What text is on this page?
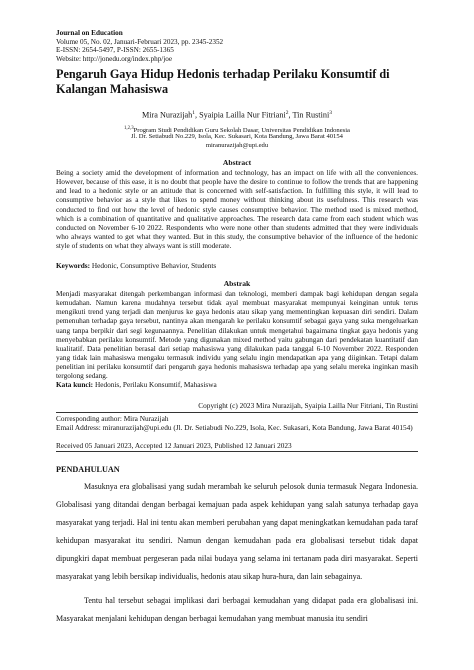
Journal on Education
Volume 05, No. 02, Januari-Februari 2023, pp. 2345-2352
E-ISSN: 2654-5497, P-ISSN: 2655-1365
Website: http://jonedu.org/index.php/joe
Pengaruh Gaya Hidup Hedonis terhadap Perilaku Konsumtif di Kalangan Mahasiswa
Mira Nurazijah$^1$, Syaipia Lailla Nur Fitriani$^2$, Tin Rustini$^3$
$^{1,2,3}$Program Studi Pendidikan Guru Sekolah Dasar, Universitas Pendidikan Indonesia
Jl. Dr. Setiabudi No.229, Isola, Kec. Sukasari, Kota Bandung, Jawa Barat 40154
miranurazijah@upi.edu
Abstract
Being a society amid the development of information and technology, has an impact on life with all the conveniences. However, because of this ease, it is no doubt that people have the desire to continue to follow the trends that are happening and lead to a hedonic style or an attitude that is concerned with self-satisfaction. In fulfilling this style, it will lead to consumptive behavior as a style that likes to spend money without thinking about its usefulness. This research was conducted to find out how the level of hedonic style causes consumptive behavior. The method used is mixed method, which is a combination of quantitative and qualitative approaches. The research data came from each student which was conducted on November 6-10 2022. Respondents who were none other than students admitted that they were individuals who always wanted to get what they wanted. But in this study, the consumptive behavior of the influence of the hedonic style of students on what they always want is still moderate.
Keywords: Hedonic, Consumptive Behavior, Students
Abstrak
Menjadi masyarakat ditengah perkembangan informasi dan teknologi, memberi dampak bagi kehidupan dengan segala kemudahan. Namun karena mudahnya tersebut tidak ayal membuat masyarakat mempunyai keinginan untuk terus mengikuti trend yang terjadi dan menjurus ke gaya hedonis atau sikap yang mementingkan kepuasan diri sendiri. Dalam pemenuhan terhadap gaya tersebut, nantinya akan mengarah ke perilaku konsumtif sebagai gaya yang suka mengeluarkan uang tanpa berpikir dari segi kegunaannya. Penelitian dilakukan untuk mengetahui bagaimana tingkat gaya hedonis yang menyebabkan perilaku konsumtif. Metode yang digunakan mixed method yaitu gabungan dari pendekatan kuantitatif dan kualitatif. Data penelitian berasal dari setiap mahasiswa yang dilakukan pada tanggal 6-10 November 2022. Responden yang tidak lain mahasiswa mengaku termasuk individu yang selalu ingin mendapatkan apa yang diiginkan. Tetapi dalam penelitian ini perilaku konsumtif dari pengaruh gaya hedonis mahasiswa terhadap apa yang selalu mereka inginkan masih tergolong sedang.
Kata kunci: Hedonis, Perilaku Konsumtif, Mahasiswa
Copyright (c) 2023 Mira Nurazijah, Syaipia Lailla Nur Fitriani, Tin Rustini
Corresponding author: Mira Nurazijah
Email Address: miranurazijah@upi.edu (Jl. Dr. Setiabudi No.229, Isola, Kec. Sukasari, Kota Bandung, Jawa Barat 40154)
Received 05 Januari 2023, Accepted 12 Januari 2023, Published 12 Januari 2023
PENDAHULUAN
Masuknya era globalisasi yang sudah merambah ke seluruh pelosok dunia termasuk Negara Indonesia. Globalisasi yang ditandai dengan berbagai kemajuan pada aspek kehidupan yang salah satunya terhadap gaya masyarakat yang terjadi. Hal ini tentu akan memberi perubahan yang dapat meningkatkan kemudahan pada taraf kehidupan masyarakat itu sendiri. Namun dengan kemudahan pada era globalisasi tersebut tidak dapat dipungkiri dapat membuat pergeseran pada nilai budaya yang selama ini tertanam pada diri masyarakat. Seperti masyarakat yang lebih bersikap individualis, hedonis atau sikap hura-hura, dan lain sebagainya.
Tentu hal tersebut sebagai implikasi dari berbagai kemudahan yang didapat pada era globalisasi ini. Masyarakat menjalani kehidupan dengan berbagai kemudahan yang membuat manusia itu sendiri
